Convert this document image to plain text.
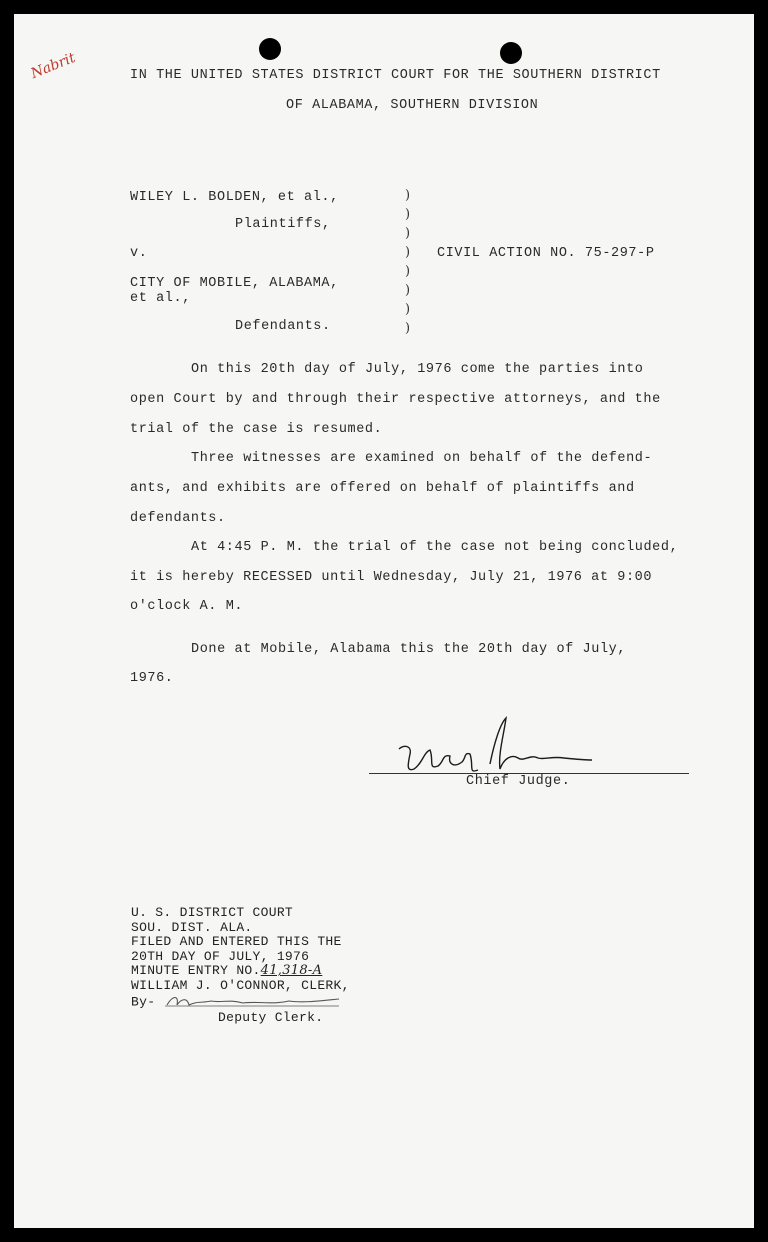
Nabrit	IN THE UNITED STATES DISTRICT COURT FOR THE SOUTHERN DISTRICT
OF ALABAMA, SOUTHERN DIVISION
WILEY L. BOLDEN, et al.,
Plaintiffs,
v.
CITY OF MOBILE, ALABAMA,
et al.,
Defendants.
)
)
)
)
)
)
)
)
CIVIL ACTION NO. 75-297-P
On this 20th day of July, 1976 come the parties into
open Court by and through their respective attorneys, and the
trial of the case is resumed.
Three witnesses are examined on behalf of the defend-
ants, and exhibits are offered on behalf of plaintiffs and
defendants.
At 4:45 P. M. the trial of the case not being concluded,
it is hereby RECESSED until Wednesday, July 21, 1976 at 9:00
o'clock A. M.
Done at Mobile, Alabama this the 20th day of July,
1976.
Chief Judge.
U. S. DISTRICT COURT
SOU. DIST. ALA.
FILED AND ENTERED THIS THE
20TH DAY OF JULY, 1976
MINUTE ENTRY NO.41,318-A
WILLIAM J. O'CONNOR, CLERK,
By-
Deputy Clerk.
